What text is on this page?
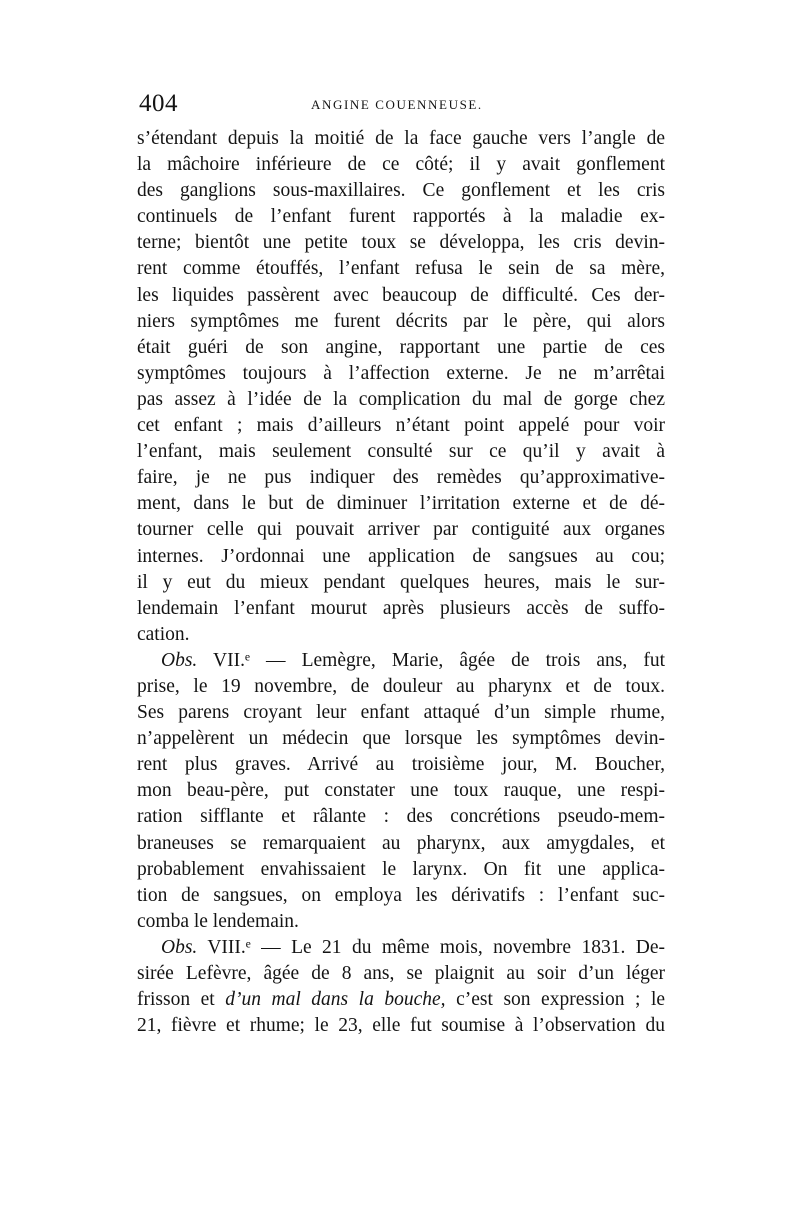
404	ANGINE COUENNEUSE.
s’étendant depuis la moitié de la face gauche vers l’angle de
la mâchoire inférieure de ce côté; il y avait gonflement
des ganglions sous-maxillaires. Ce gonflement et les cris
continuels de l’enfant furent rapportés à la maladie ex-
terne; bientôt une petite toux se développa, les cris devin-
rent comme étouffés, l’enfant refusa le sein de sa mère,
les liquides passèrent avec beaucoup de difficulté. Ces der-
niers symptômes me furent décrits par le père, qui alors
était guéri de son angine, rapportant une partie de ces
symptômes toujours à l’affection externe. Je ne m’arrêtai
pas assez à l’idée de la complication du mal de gorge chez
cet enfant ; mais d’ailleurs n’étant point appelé pour voir
l’enfant, mais seulement consulté sur ce qu’il y avait à
faire, je ne pus indiquer des remèdes qu’approximative-
ment, dans le but de diminuer l’irritation externe et de dé-
tourner celle qui pouvait arriver par contiguité aux organes
internes. J’ordonnai une application de sangsues au cou;
il y eut du mieux pendant quelques heures, mais le sur-
lendemain l’enfant mourut après plusieurs accès de suffo-
cation.
Obs. VII.ᵉ — Lemègre, Marie, âgée de trois ans, fut
prise, le 19 novembre, de douleur au pharynx et de toux.
Ses parens croyant leur enfant attaqué d’un simple rhume,
n’appelèrent un médecin que lorsque les symptômes devin-
rent plus graves. Arrivé au troisième jour, M. Boucher,
mon beau-père, put constater une toux rauque, une respi-
ration sifflante et râlante : des concrétions pseudo-mem-
braneuses se remarquaient au pharynx, aux amygdales, et
probablement envahissaient le larynx. On fit une applica-
tion de sangsues, on employa les dérivatifs : l’enfant suc-
comba le lendemain.
Obs. VIII.ᵉ — Le 21 du même mois, novembre 1831. De-
sirée Lefèvre, âgée de 8 ans, se plaignit au soir d’un léger
frisson et d’un mal dans la bouche, c’est son expression ; le
21, fièvre et rhume; le 23, elle fut soumise à l’observation du
